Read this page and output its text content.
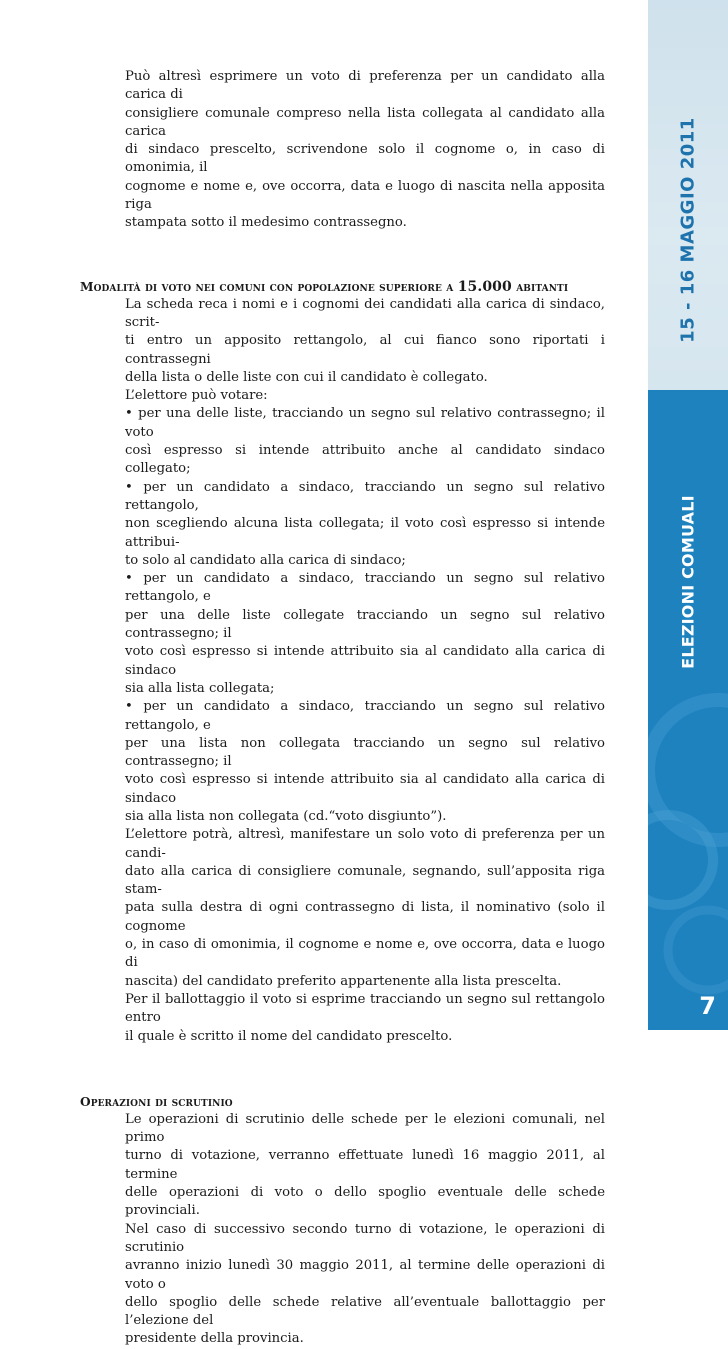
Può altresì esprimere un voto di preferenza per un candidato alla carica di
consigliere comunale compreso nella lista collegata al candidato alla carica
di sindaco prescelto, scrivendone solo il cognome o, in caso di omonimia, il
cognome e nome e, ove occorra, data e luogo di nascita nella apposita riga
stampata sotto il medesimo contrassegno.

Modalità di voto nei comuni con popolazione superiore a 15.000 abitanti

La scheda reca i nomi e i cognomi dei candidati alla carica di sindaco, scrit-
ti entro un apposito rettangolo, al cui fianco sono riportati i contrassegni
della lista o delle liste con cui il candidato è collegato.
L’elettore può votare:
• per una delle liste, tracciando un segno sul relativo contrassegno; il voto
così espresso si intende attribuito anche al candidato sindaco collegato;
• per un candidato a sindaco, tracciando un segno sul relativo rettangolo,
non scegliendo alcuna lista collegata; il voto così espresso si intende attribui-
to solo al candidato alla carica di sindaco;
• per un candidato a sindaco, tracciando un segno sul relativo rettangolo, e
per una delle liste collegate tracciando un segno sul relativo contrassegno; il
voto così espresso si intende attribuito sia al candidato alla carica di sindaco
sia alla lista collegata;
• per un candidato a sindaco, tracciando un segno sul relativo rettangolo, e
per una lista non collegata tracciando un segno sul relativo contrassegno; il
voto così espresso si intende attribuito sia al candidato alla carica di sindaco
sia alla lista non collegata (cd.“voto disgiunto”).
L’elettore potrà, altresì, manifestare un solo voto di preferenza per un candi-
dato alla carica di consigliere comunale, segnando, sull’apposita riga stam-
pata sulla destra di ogni contrassegno di lista, il nominativo (solo il cognome
o, in caso di omonimia, il cognome e nome e, ove occorra, data e luogo di
nascita) del candidato preferito appartenente alla lista prescelta.
Per il ballottaggio il voto si esprime tracciando un segno sul rettangolo entro
il quale è scritto il nome del candidato prescelto.

Operazioni di scrutinio

Le operazioni di scrutinio delle schede per le elezioni comunali, nel primo
turno di votazione, verranno effettuate lunedì 16 maggio 2011, al termine
delle operazioni di voto o dello spoglio eventuale delle schede provinciali.
Nel caso di successivo secondo turno di votazione, le operazioni di scrutinio
avranno inizio lunedì 30 maggio 2011, al termine delle operazioni di voto o
dello spoglio delle schede relative all’eventuale ballottaggio per l’elezione del
presidente della provincia.

15 - 16 MAGGIO 2011
ELEZIONI COMUALI
7
